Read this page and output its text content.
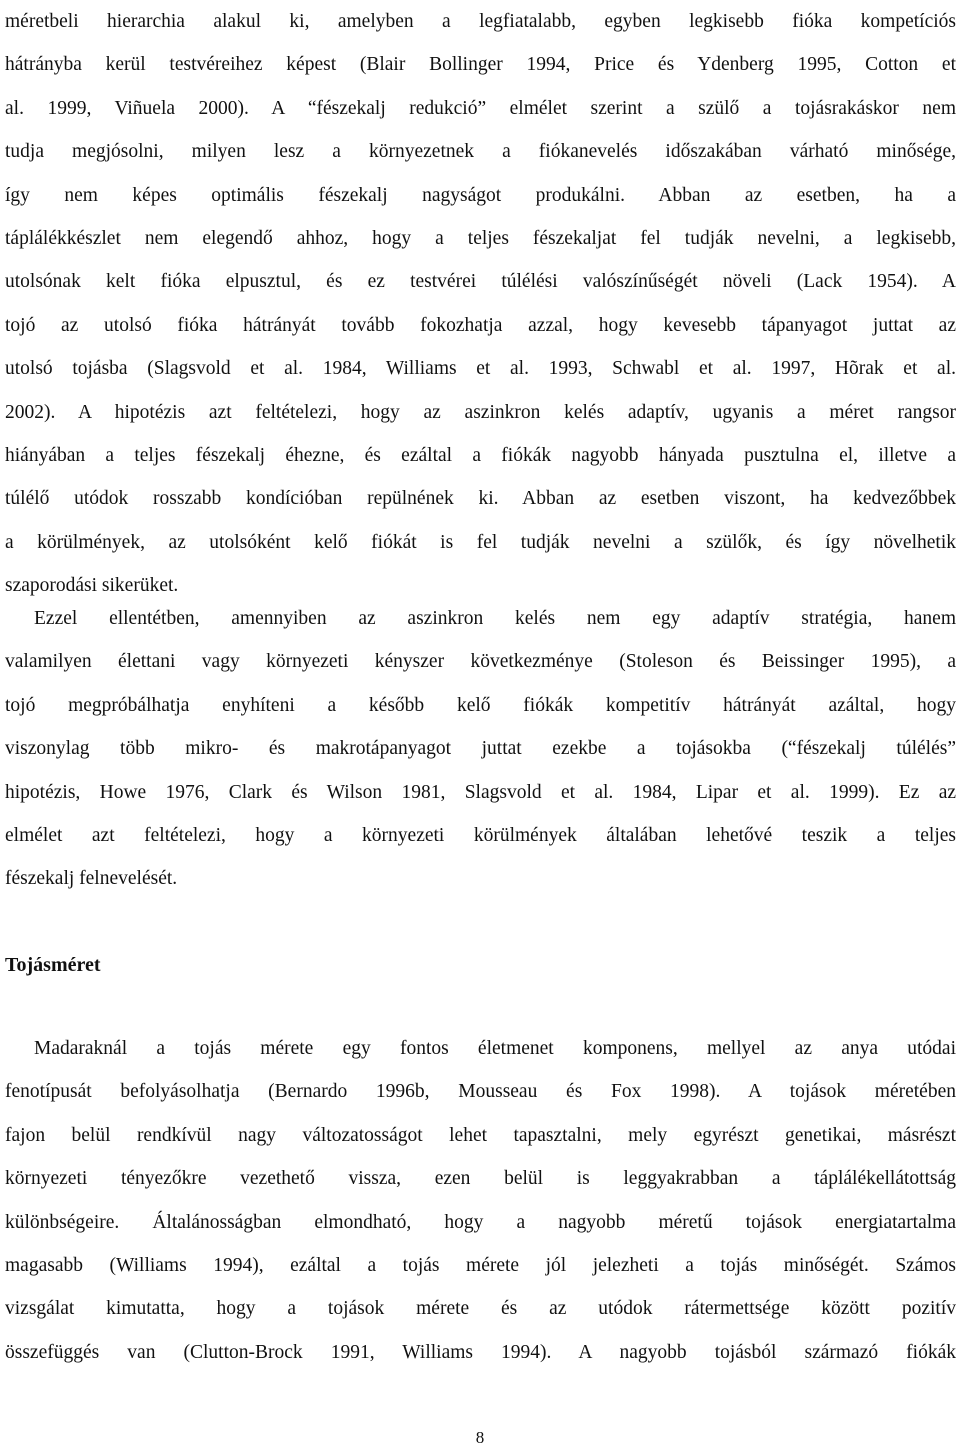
méretbeli hierarchia alakul ki, amelyben a legfiatalabb, egyben legkisebb fióka kompetíciós
hátrányba kerül testvéreihez képest (Blair Bollinger 1994, Price és Ydenberg 1995, Cotton et
al. 1999, Viñuela 2000). A “fészekalj redukció” elmélet szerint a szülő a tojásrakáskor nem
tudja megjósolni, milyen lesz a környezetnek a fiókanevelés időszakában várható minősége,
így nem képes optimális fészekalj nagyságot produkálni. Abban az esetben, ha a
táplálékkészlet nem elegendő ahhoz, hogy a teljes fészekaljat fel tudják nevelni, a legkisebb,
utolsónak kelt fióka elpusztul, és ez testvérei túlélési valószínűségét növeli (Lack 1954). A
tojó az utolsó fióka hátrányát tovább fokozhatja azzal, hogy kevesebb tápanyagot juttat az
utolsó tojásba (Slagsvold et al. 1984, Williams et al. 1993, Schwabl et al. 1997, Hõrak et al.
2002). A hipotézis azt feltételezi, hogy az aszinkron kelés adaptív, ugyanis a méret rangsor
hiányában a teljes fészekalj éhezne, és ezáltal a fiókák nagyobb hányada pusztulna el, illetve a
túlélő utódok rosszabb kondícióban repülnének ki. Abban az esetben viszont, ha kedvezőbbek
a körülmények, az utolsóként kelő fiókát is fel tudják nevelni a szülők, és így növelhetik
szaporodási sikerüket.
Ezzel ellentétben, amennyiben az aszinkron kelés nem egy adaptív stratégia, hanem
valamilyen élettani vagy környezeti kényszer következménye (Stoleson és Beissinger 1995), a
tojó megpróbálhatja enyhíteni a később kelő fiókák kompetitív hátrányát azáltal, hogy
viszonylag több mikro- és makrotápanyagot juttat ezekbe a tojásokba (“fészekalj túlélés”
hipotézis, Howe 1976, Clark és Wilson 1981, Slagsvold et al. 1984, Lipar et al. 1999). Ez az
elmélet azt feltételezi, hogy a környezeti körülmények általában lehetővé teszik a teljes
fészekalj felnevelését.
Tojásméret
Madaraknál a tojás mérete egy fontos életmenet komponens, mellyel az anya utódai
fenotípusát befolyásolhatja (Bernardo 1996b, Mousseau és Fox 1998). A tojások méretében
fajon belül rendkívül nagy változatosságot lehet tapasztalni, mely egyrészt genetikai, másrészt
környezeti tényezőkre vezethető vissza, ezen belül is leggyakrabban a táplálékellátottság
különbségeire. Általánosságban elmondható, hogy a nagyobb méretű tojások energiatartalma
magasabb (Williams 1994), ezáltal a tojás mérete jól jelezheti a tojás minőségét. Számos
vizsgálat kimutatta, hogy a tojások mérete és az utódok rátermettsége között pozitív
összefüggés van (Clutton-Brock 1991, Williams 1994). A nagyobb tojásból származó fiókák
8
